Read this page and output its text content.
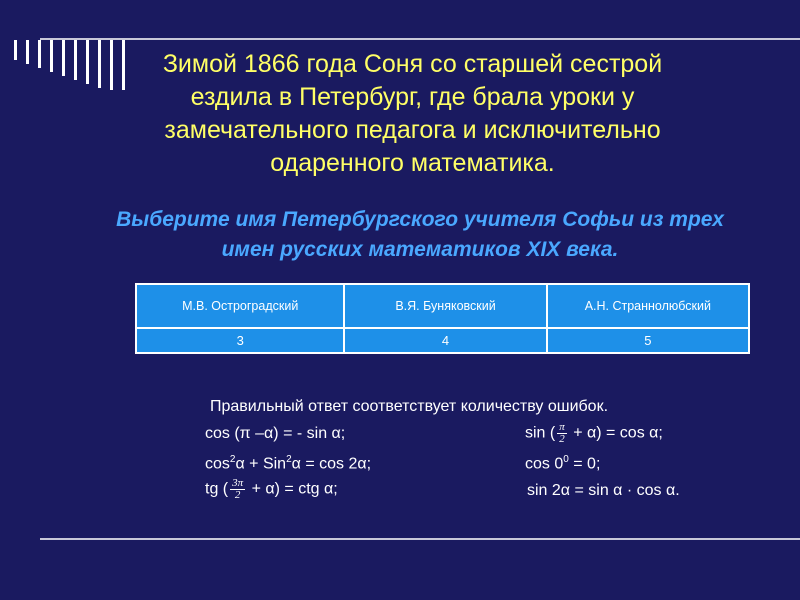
Зимой 1866 года Соня со старшей сестрой ездила в Петербург, где брала уроки у замечательного педагога и исключительно одаренного математика.
Выберите имя Петербургского учителя Софьи из трех имен русских математиков XIX века.
М.В. Остроградский	В.Я. Буняковский	А.Н. Страннолюбский
3	4	5
Правильный ответ соответствует количеству ошибок.
cos (π –α) = - sin α;	sin ( $\frac{\pi}{2} + \alpha) = \cos \alpha$;
$\cos^2\alpha + Sin^2\alpha = \cos 2\alpha$;	$\cos 0^0 = 0$;
tg ( $\frac{3\pi}{2} + \alpha$) = ctg α;	sin 2α = sin α · cos α.
